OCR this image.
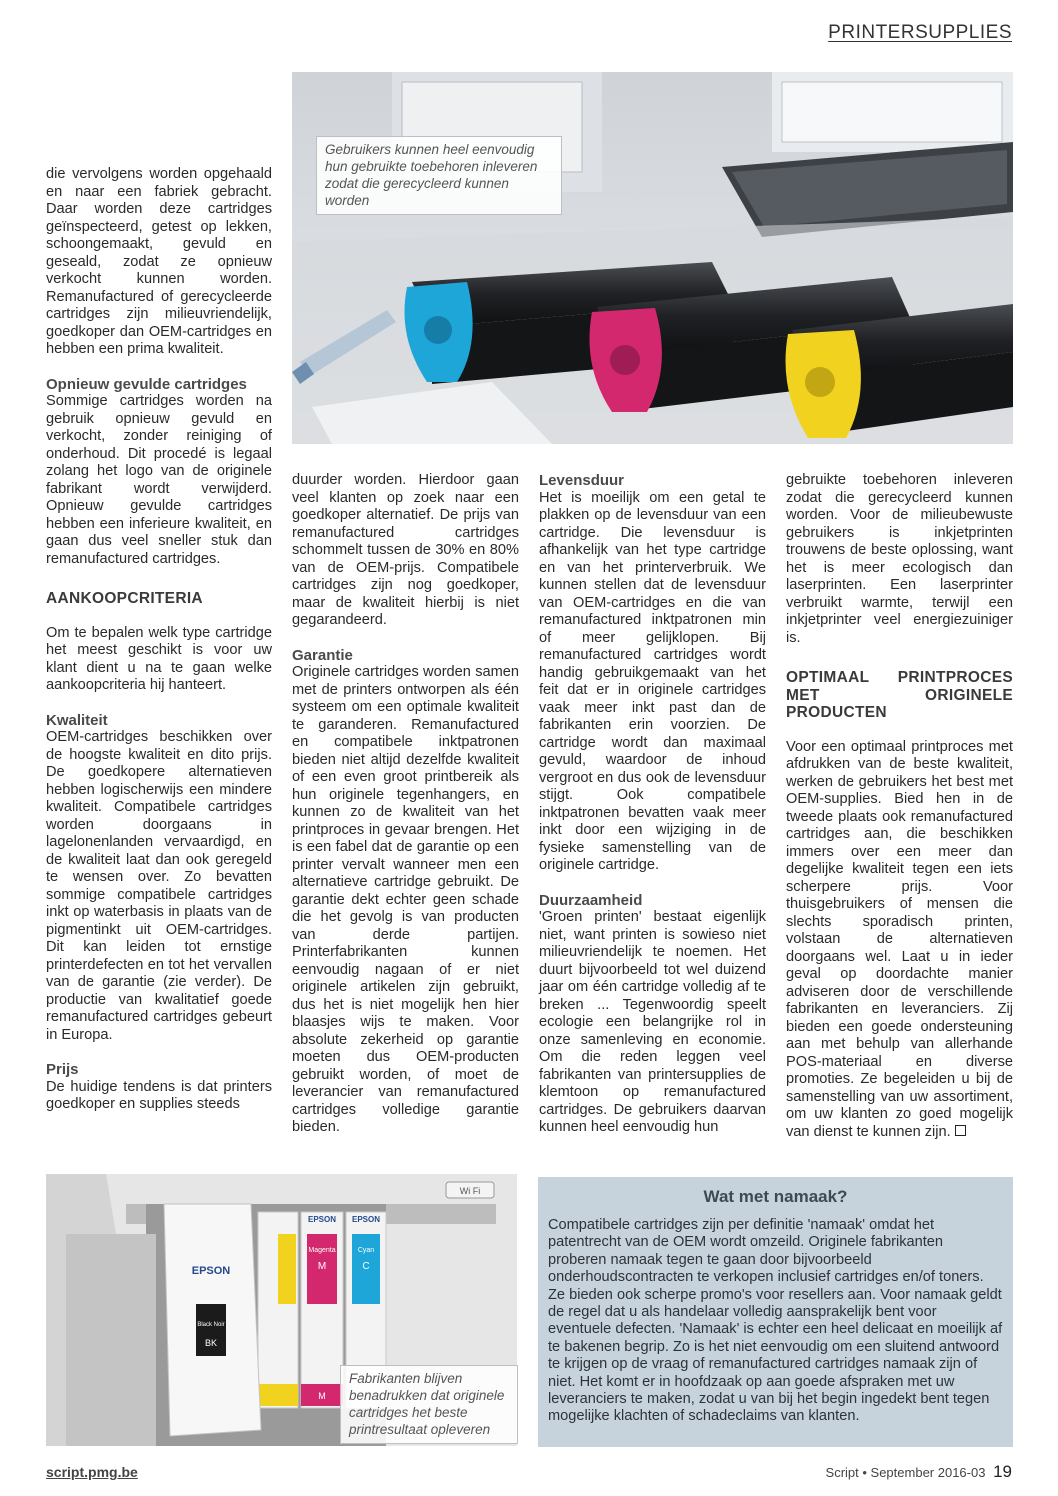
PRINTERSUPPLIES
Gebruikers kunnen heel eenvoudig hun gebruikte toebehoren inleveren zodat die gerecycleerd kunnen worden

die vervolgens worden opgehaald en naar een fabriek gebracht. Daar worden deze cartridges geïnspecteerd, getest op lekken, schoongemaakt, gevuld en geseald, zodat ze opnieuw verkocht kunnen worden. Remanufactured of gerecycleerde cartridges zijn milieuvriendelijk, goedkoper dan OEM-cartridges en hebben een prima kwaliteit.

Opnieuw gevulde cartridges

Sommige cartridges worden na gebruik opnieuw gevuld en verkocht, zonder reiniging of onderhoud. Dit procedé is legaal zolang het logo van de originele fabrikant wordt verwijderd. Opnieuw gevulde cartridges hebben een inferieure kwaliteit, en gaan dus veel sneller stuk dan remanufactured cartridges.

AANKOOPCRITERIA

Om te bepalen welk type cartridge het meest geschikt is voor uw klant dient u na te gaan welke aankoopcriteria hij hanteert.

Kwaliteit

OEM-cartridges beschikken over de hoogste kwaliteit en dito prijs. De goedkopere alternatieven hebben logischerwijs een mindere kwaliteit. Compatibele cartridges worden doorgaans in lagelonenlanden vervaardigd, en de kwaliteit laat dan ook geregeld te wensen over. Zo bevatten sommige compatibele cartridges inkt op waterbasis in plaats van de pigmentinkt uit OEM-cartridges. Dit kan leiden tot ernstige printerdefecten en tot het vervallen van de garantie (zie verder). De productie van kwalitatief goede remanufactured cartridges gebeurt in Europa.

Prijs

De huidige tendens is dat printers goedkoper en supplies steeds

duurder worden. Hierdoor gaan veel klanten op zoek naar een goedkoper alternatief. De prijs van remanufactured cartridges schommelt tussen de 30% en 80% van de OEM-prijs. Compatibele cartridges zijn nog goedkoper, maar de kwaliteit hierbij is niet gegarandeerd.

Garantie

Originele cartridges worden samen met de printers ontworpen als één systeem om een optimale kwaliteit te garanderen. Remanufactured en compatibele inktpatronen bieden niet altijd dezelfde kwaliteit of een even groot printbereik als hun originele tegenhangers, en kunnen zo de kwaliteit van het printproces in gevaar brengen. Het is een fabel dat de garantie op een printer vervalt wanneer men een alternatieve cartridge gebruikt. De garantie dekt echter geen schade die het gevolg is van producten van derde partijen. Printerfabrikanten kunnen eenvoudig nagaan of er niet originele artikelen zijn gebruikt, dus het is niet mogelijk hen hier blaasjes wijs te maken. Voor absolute zekerheid op garantie moeten dus OEM-producten gebruikt worden, of moet de leverancier van remanufactured cartridges volledige garantie bieden.

Levensduur

Het is moeilijk om een getal te plakken op de levensduur van een cartridge. Die levensduur is afhankelijk van het type cartridge en van het printerverbruik. We kunnen stellen dat de levensduur van OEM-cartridges en die van remanufactured inktpatronen min of meer gelijklopen. Bij remanufactured cartridges wordt handig gebruikgemaakt van het feit dat er in originele cartridges vaak meer inkt past dan de fabrikanten erin voorzien. De cartridge wordt dan maximaal gevuld, waardoor de inhoud vergroot en dus ook de levensduur stijgt. Ook compatibele inktpatronen bevatten vaak meer inkt door een wijziging in de fysieke samenstelling van de originele cartridge.

Duurzaamheid

'Groen printen' bestaat eigenlijk niet, want printen is sowieso niet milieuvriendelijk te noemen. Het duurt bijvoorbeeld tot wel duizend jaar om één cartridge volledig af te breken ... Tegenwoordig speelt ecologie een belangrijke rol in onze samenleving en economie. Om die reden leggen veel fabrikanten van printersupplies de klemtoon op remanufactured cartridges. De gebruikers daarvan kunnen heel eenvoudig hun

gebruikte toebehoren inleveren zodat die gerecycleerd kunnen worden. Voor de milieubewuste gebruikers is inkjetprinten trouwens de beste oplossing, want het is meer ecologisch dan laserprinten. Een laserprinter verbruikt warmte, terwijl een inkjetprinter veel energiezuiniger is.

OPTIMAAL PRINTPROCES MET ORIGINELE PRODUCTEN

Voor een optimaal printproces met afdrukken van de beste kwaliteit, werken de gebruikers het best met OEM-supplies. Bied hen in de tweede plaats ook remanufactured cartridges aan, die beschikken immers over een meer dan degelijke kwaliteit tegen een iets scherpere prijs. Voor thuisgebruikers of mensen die slechts sporadisch printen, volstaan de alternatieven doorgaans wel. Laat u in ieder geval op doordachte manier adviseren door de verschillende fabrikanten en leveranciers. Zij bieden een goede ondersteuning aan met behulp van allerhande POS-materiaal en diverse promoties. Ze begeleiden u bij de samenstelling van uw assortiment, om uw klanten zo goed mogelijk van dienst te kunnen zijn.

Wi Fi
EPSON
Cyan
C
EPSON
Magenta
M
M
EPSON
Black Noir
BK
Fabrikanten blijven benadrukken dat originele cartridges het beste printresultaat opleveren
Wat met namaak?

Compatibele cartridges zijn per definitie 'namaak' omdat het patentrecht van de OEM wordt omzeild. Originele fabrikanten proberen namaak tegen te gaan door bijvoorbeeld onderhoudscontracten te verkopen inclusief cartridges en/of toners. Ze bieden ook scherpe promo's voor resellers aan. Voor namaak geldt de regel dat u als handelaar volledig aansprakelijk bent voor eventuele defecten. 'Namaak' is echter een heel delicaat en moeilijk af te bakenen begrip. Zo is het niet eenvoudig om een sluitend antwoord te krijgen op de vraag of remanufactured cartridges namaak zijn of niet. Het komt er in hoofdzaak op aan goede afspraken met uw leveranciers te maken, zodat u van bij het begin ingedekt bent tegen mogelijke klachten of schadeclaims van klanten.

script.pmg.be	Script • September 2016-03 19
